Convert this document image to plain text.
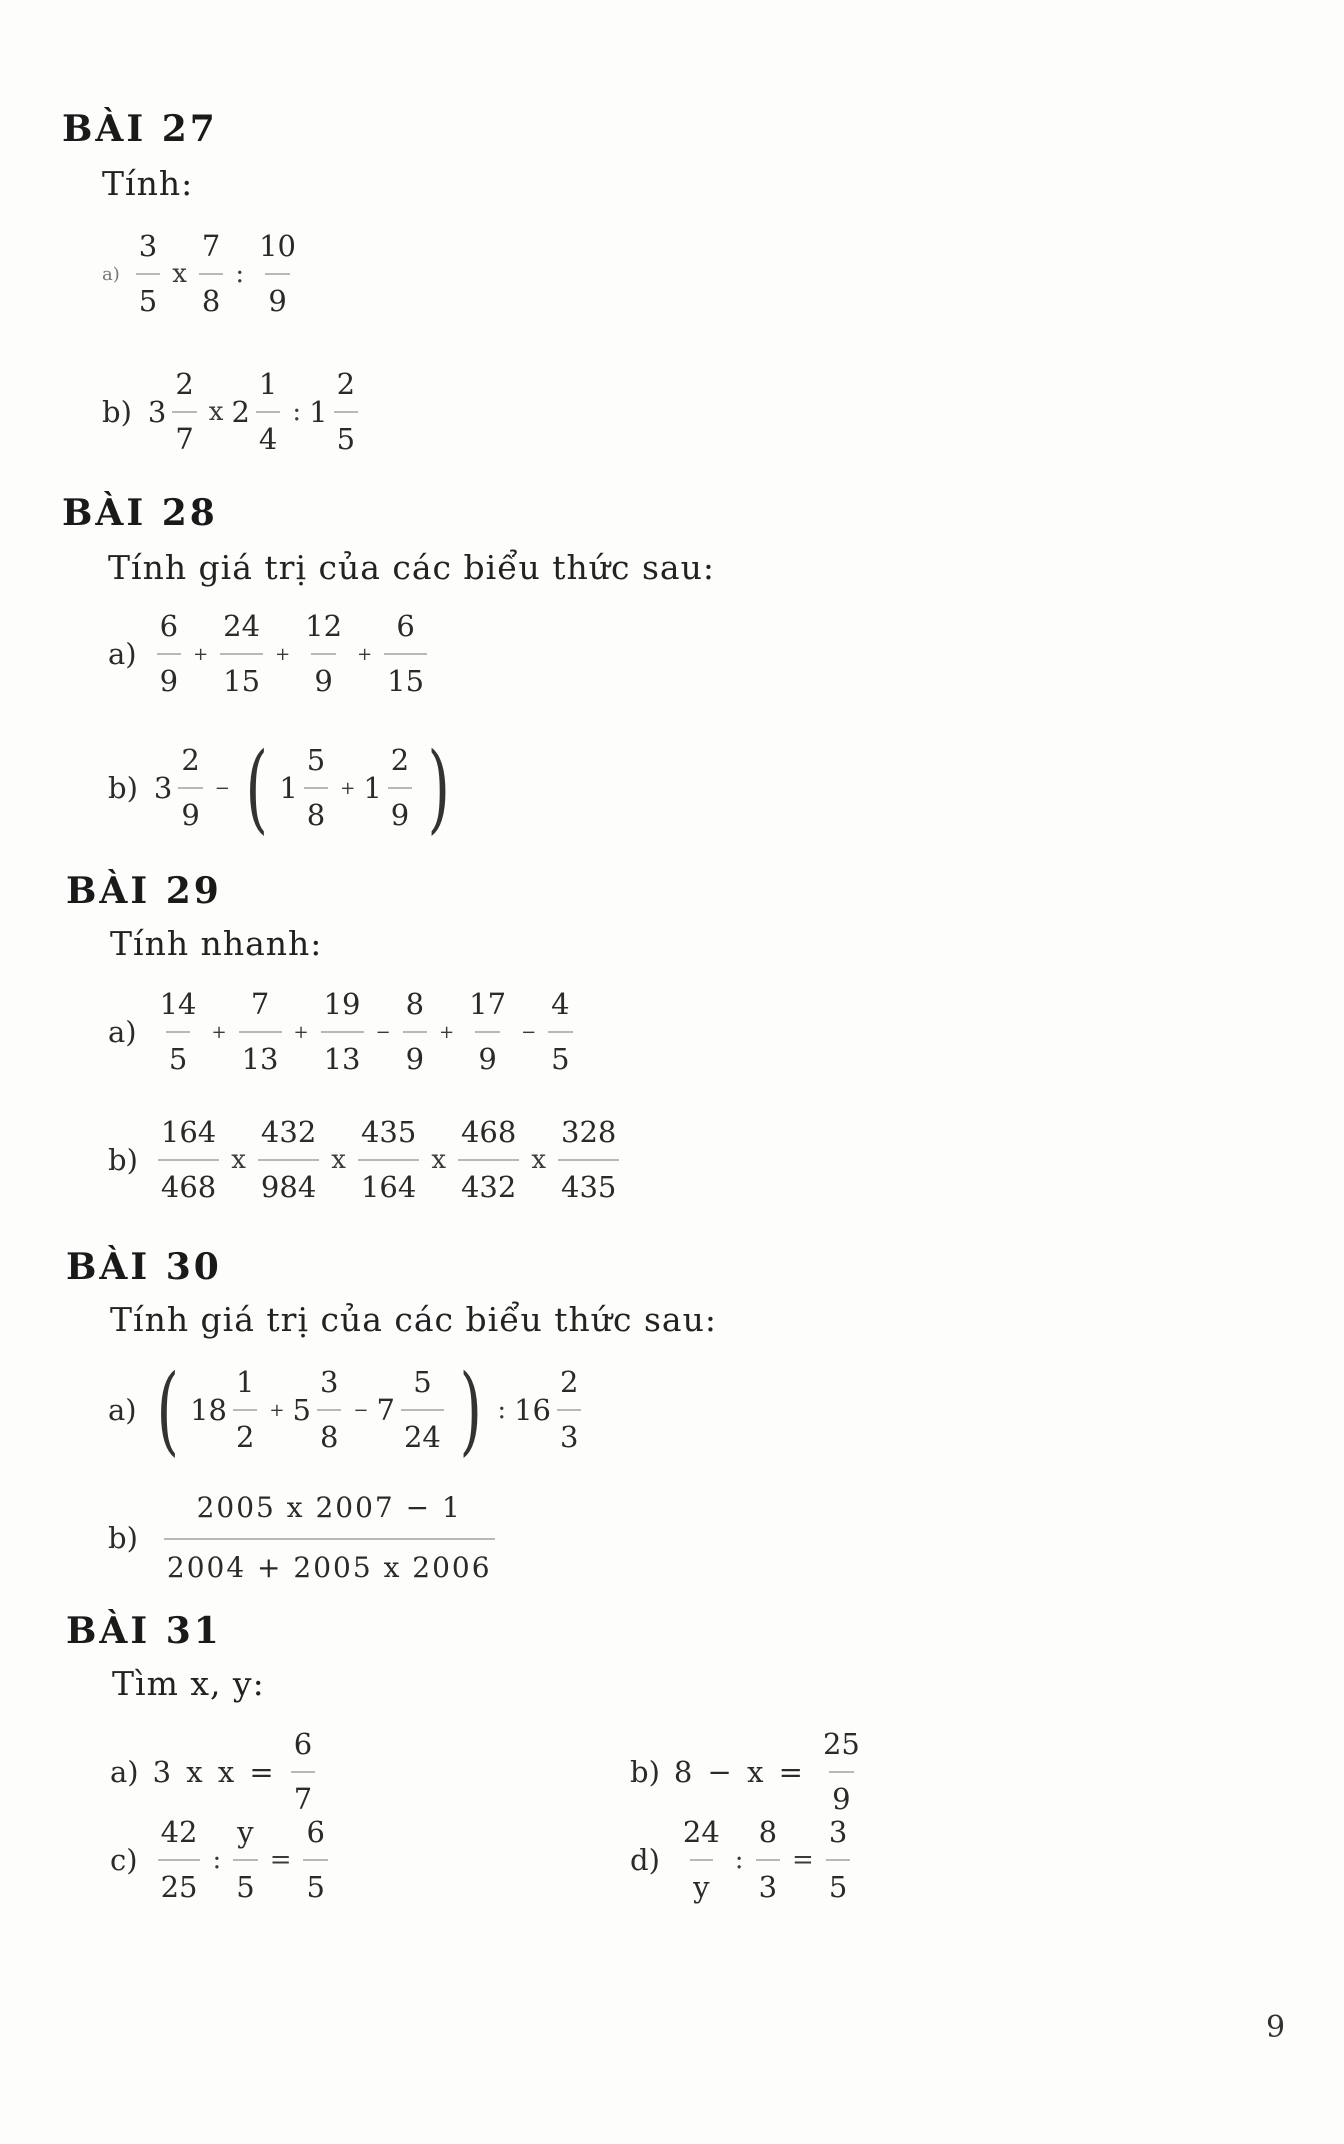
BÀI 27
Tính:
$a) \frac{3}{5}$ x $\frac{7}{8}$ : $\frac{10}{9}$
b) $3 \frac{2}{7}$ x $2 \frac{1}{4}$ : $1 \frac{2}{5}$
BÀI 28
Tính giá trị của các biểu thức sau:
$a) \frac{6}{9} + \frac{24}{15} + \frac{12}{9} + \frac{6}{15}$
b) $3 \frac{2}{9}$ − ( $1 \frac{5}{8} + 1 \frac{2}{9}$ )
BÀI 29
Tính nhanh:
$a) \frac{14}{5} + \frac{7}{13} + \frac{19}{13} - \frac{8}{9} + \frac{17}{9} - \frac{4}{5}$
$b) \frac{164}{468}$ x $\frac{432}{984}$ x $\frac{435}{164}$ x $\frac{468}{432}$ x $\frac{328}{435}$
BÀI 30
Tính giá trị của các biểu thức sau:
a) ( $18 \frac{1}{2} + 5 \frac{3}{8} - 7 \frac{5}{24}$ ) : $16 \frac{2}{3}$
$b) \frac{2005 x 2007 - 1}{2004 + 2005 x 2006}$
BÀI 31
Tìm x, y:
a) 3 x $x = \frac{6}{7}$	b) $8 - x = \frac{25}{9}$
$c) \frac{42}{25}$ : $\frac{y}{5} = \frac{6}{5}$	$d) \frac{24}{y}$ : $\frac{8}{3} = \frac{3}{5}$
9
